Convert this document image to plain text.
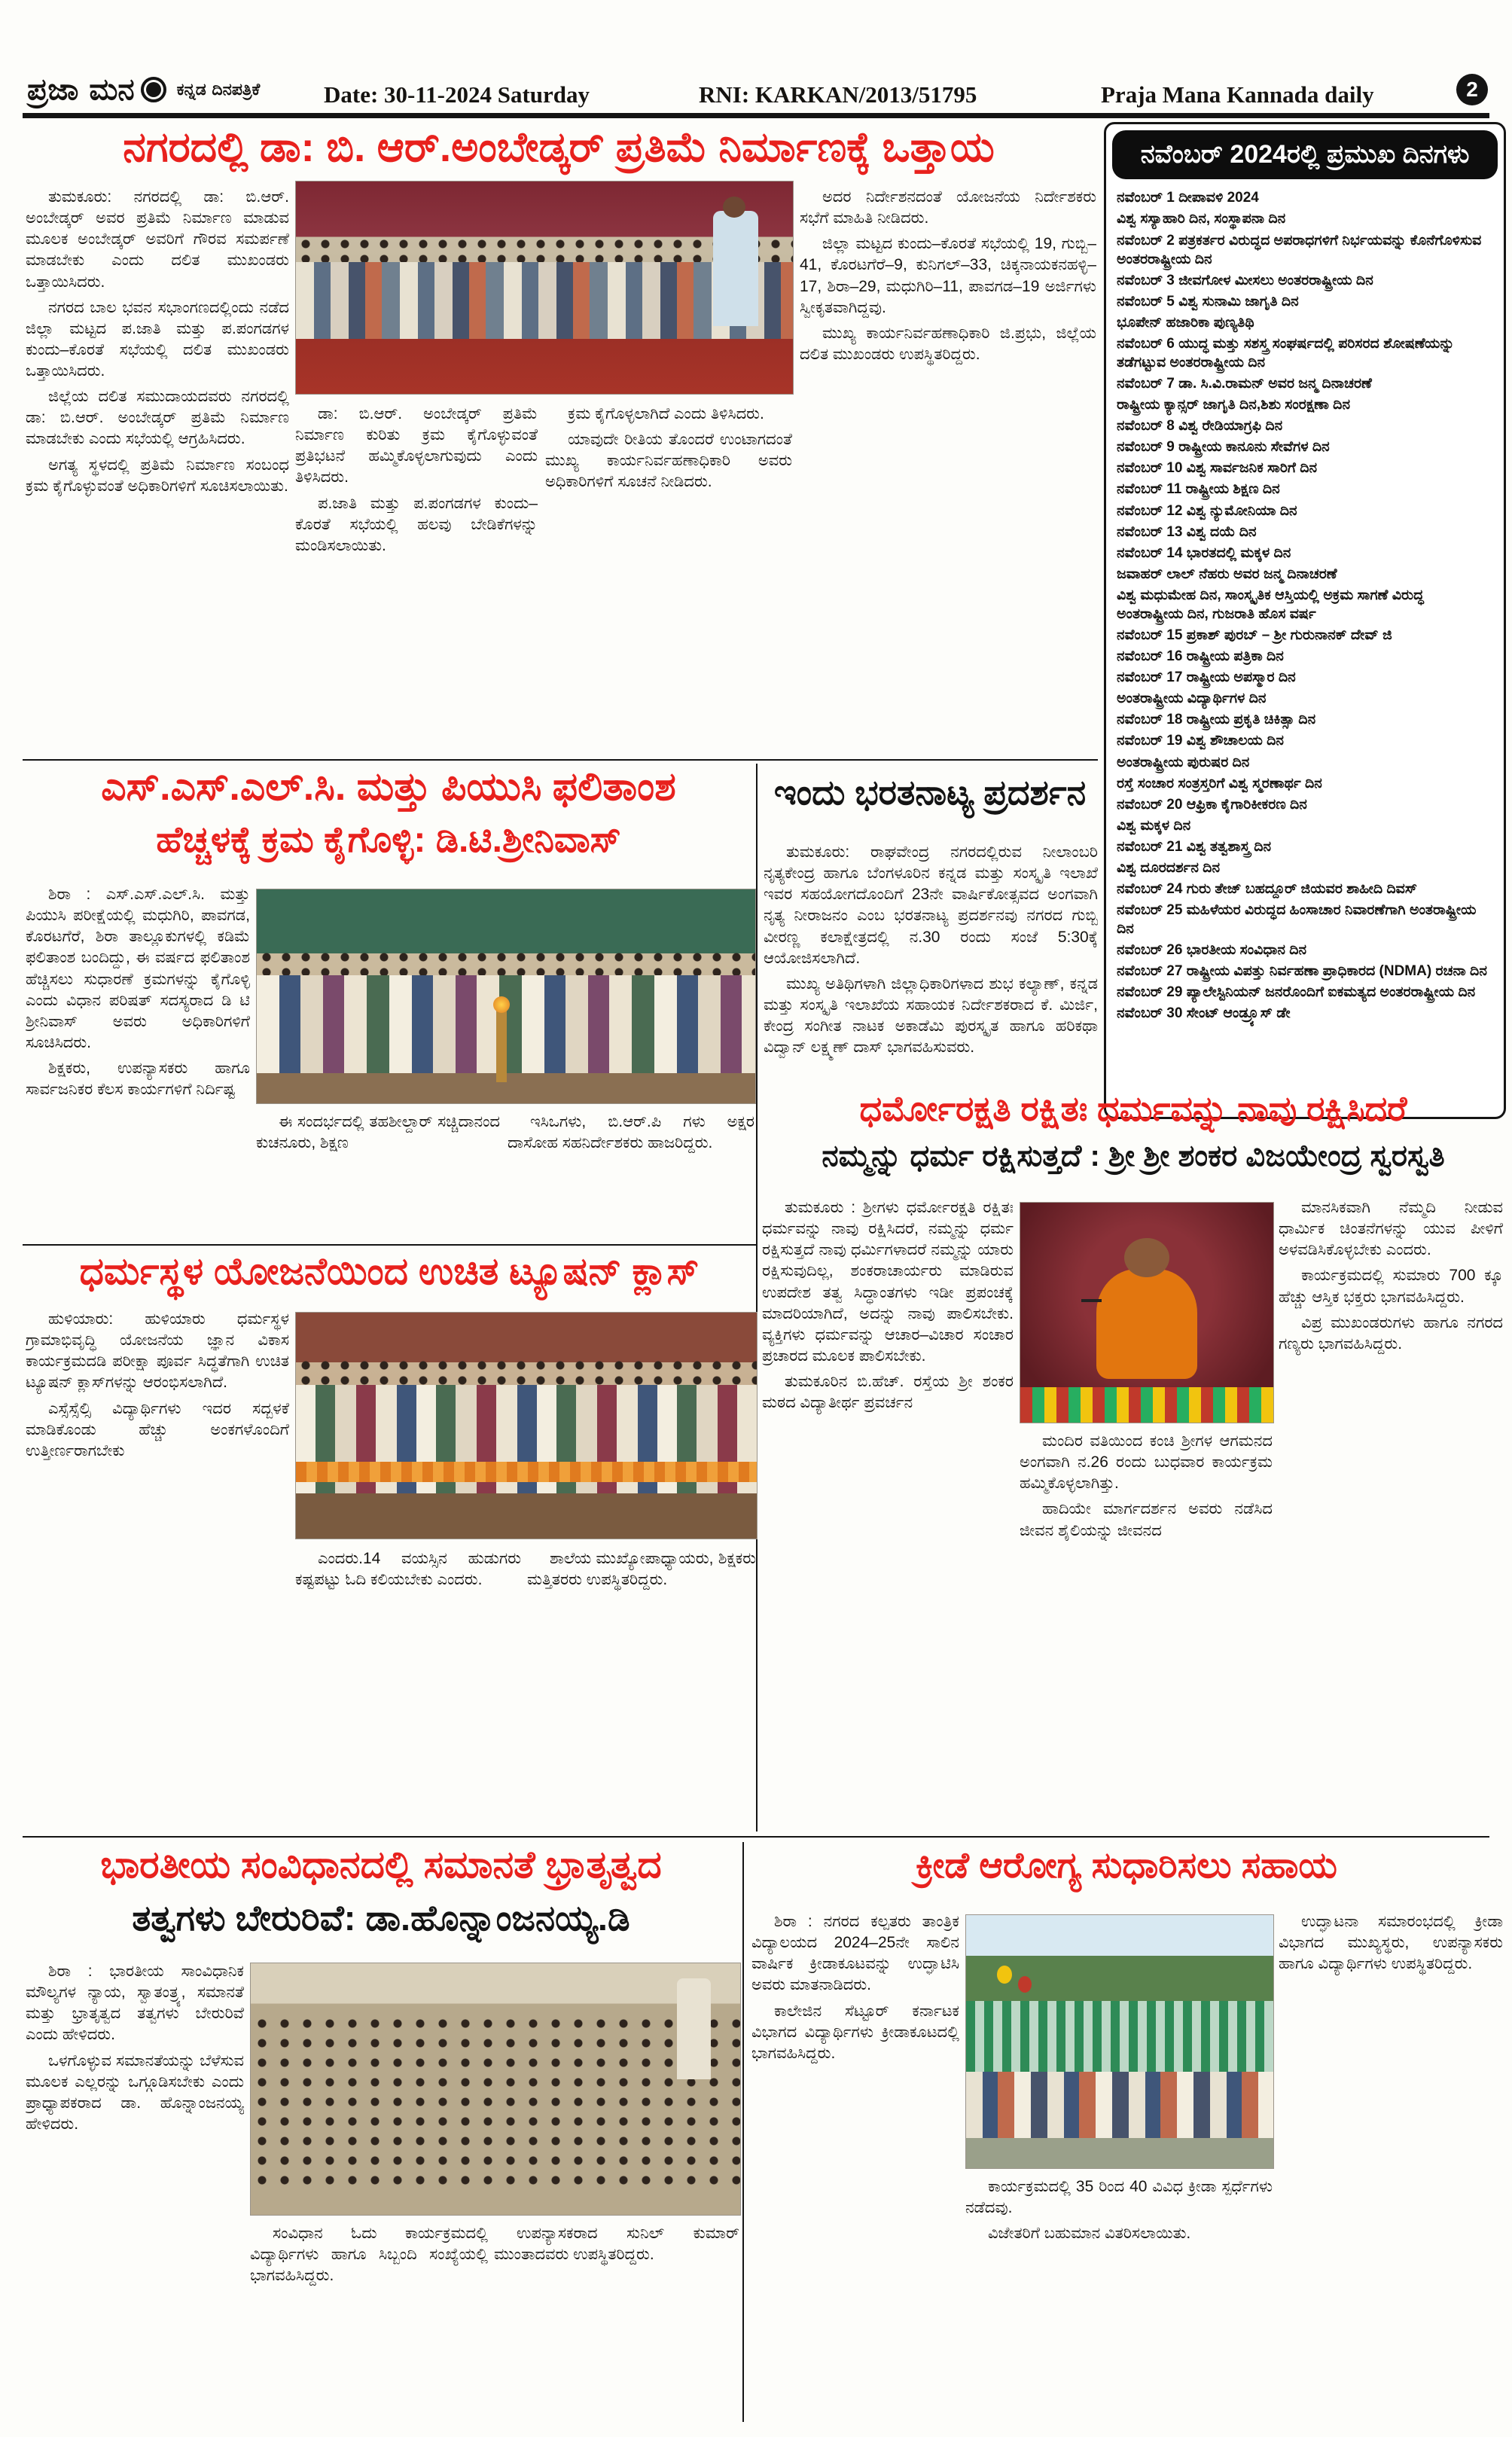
ಪ್ರಜಾ ಮನ	ಕನ್ನಡ ದಿನಪತ್ರಿಕೆ	Date: 30-11-2024 Saturday	RNI: KARKAN/2013/51795	Praja Mana Kannada daily	2
ನವೆಂಬರ್ 2024ರಲ್ಲಿ ಪ್ರಮುಖ ದಿನಗಳು
ನವೆಂಬರ್ 1 ದೀಪಾವಳಿ 2024
ವಿಶ್ವ ಸಸ್ಯಾಹಾರಿ ದಿನ, ಸಂಸ್ಥಾಪನಾ ದಿನ
ನವೆಂಬರ್ 2 ಪತ್ರಕರ್ತರ ವಿರುದ್ಧದ ಅಪರಾಧಗಳಿಗೆ ನಿರ್ಭಯವನ್ನು ಕೊನೆಗೊಳಿಸುವ ಅಂತರರಾಷ್ಟ್ರೀಯ ದಿನ
ನವೆಂಬರ್ 3 ಜೀವಗೋಳ ಮೀಸಲು ಅಂತರರಾಷ್ಟ್ರೀಯ ದಿನ
ನವೆಂಬರ್ 5 ವಿಶ್ವ ಸುನಾಮಿ ಜಾಗೃತಿ ದಿನ
ಭೂಪೇನ್ ಹಜಾರಿಕಾ ಪುಣ್ಯತಿಥಿ
ನವೆಂಬರ್ 6 ಯುದ್ಧ ಮತ್ತು ಸಶಸ್ತ್ರ ಸಂಘರ್ಷದಲ್ಲಿ ಪರಿಸರದ ಶೋಷಣೆಯನ್ನು ತಡೆಗಟ್ಟುವ ಅಂತರರಾಷ್ಟ್ರೀಯ ದಿನ
ನವೆಂಬರ್ 7 ಡಾ. ಸಿ.ವಿ.ರಾಮನ್ ಅವರ ಜನ್ಮ ದಿನಾಚರಣೆ
ರಾಷ್ಟ್ರೀಯ ಕ್ಯಾನ್ಸರ್ ಜಾಗೃತಿ ದಿನ,ಶಿಶು ಸಂರಕ್ಷಣಾ ದಿನ
ನವೆಂಬರ್ 8 ವಿಶ್ವ ರೇಡಿಯಾಗ್ರಫಿ ದಿನ
ನವೆಂಬರ್ 9 ರಾಷ್ಟ್ರೀಯ ಕಾನೂನು ಸೇವೆಗಳ ದಿನ
ನವೆಂಬರ್ 10 ವಿಶ್ವ ಸಾರ್ವಜನಿಕ ಸಾರಿಗೆ ದಿನ
ನವೆಂಬರ್ 11 ರಾಷ್ಟ್ರೀಯ ಶಿಕ್ಷಣ ದಿನ
ನವೆಂಬರ್ 12 ವಿಶ್ವ ನ್ಯುಮೋನಿಯಾ ದಿನ
ನವೆಂಬರ್ 13 ವಿಶ್ವ ದಯೆ ದಿನ
ನವೆಂಬರ್ 14 ಭಾರತದಲ್ಲಿ ಮಕ್ಕಳ ದಿನ
ಜವಾಹರ್ ಲಾಲ್ ನೆಹರು ಅವರ ಜನ್ಮ ದಿನಾಚರಣೆ
ವಿಶ್ವ ಮಧುಮೇಹ ದಿನ, ಸಾಂಸ್ಕೃತಿಕ ಆಸ್ತಿಯಲ್ಲಿ ಅಕ್ರಮ ಸಾಗಣೆ ವಿರುದ್ಧ ಅಂತರಾಷ್ಟ್ರೀಯ ದಿನ, ಗುಜರಾತಿ ಹೊಸ ವರ್ಷ
ನವೆಂಬರ್ 15 ಪ್ರಕಾಶ್ ಪುರಬ್ – ಶ್ರೀ ಗುರುನಾನಕ್ ದೇವ್ ಜಿ
ನವೆಂಬರ್ 16 ರಾಷ್ಟ್ರೀಯ ಪತ್ರಿಕಾ ದಿನ
ನವೆಂಬರ್ 17 ರಾಷ್ಟ್ರೀಯ ಅಪಸ್ಮಾರ ದಿನ
ಅಂತರಾಷ್ಟ್ರೀಯ ವಿದ್ಯಾರ್ಥಿಗಳ ದಿನ
ನವೆಂಬರ್ 18 ರಾಷ್ಟ್ರೀಯ ಪ್ರಕೃತಿ ಚಿಕಿತ್ಸಾ ದಿನ
ನವೆಂಬರ್ 19 ವಿಶ್ವ ಶೌಚಾಲಯ ದಿನ
ಅಂತರಾಷ್ಟ್ರೀಯ ಪುರುಷರ ದಿನ
ರಸ್ತೆ ಸಂಚಾರ ಸಂತ್ರಸ್ತರಿಗೆ ವಿಶ್ವ ಸ್ಮರಣಾರ್ಥ ದಿನ
ನವೆಂಬರ್ 20 ಆಫ್ರಿಕಾ ಕೈಗಾರಿಕೀಕರಣ ದಿನ
ವಿಶ್ವ ಮಕ್ಕಳ ದಿನ
ನವೆಂಬರ್ 21 ವಿಶ್ವ ತತ್ವಶಾಸ್ತ್ರ ದಿನ
ವಿಶ್ವ ದೂರದರ್ಶನ ದಿನ
ನವೆಂಬರ್ 24 ಗುರು ತೇಜ್ ಬಹದ್ದೂರ್ ಜಿಯವರ ಶಾಹೀದಿ ದಿವಸ್
ನವೆಂಬರ್ 25 ಮಹಿಳೆಯರ ವಿರುದ್ಧದ ಹಿಂಸಾಚಾರ ನಿವಾರಣೆಗಾಗಿ ಅಂತರಾಷ್ಟ್ರೀಯ ದಿನ
ನವೆಂಬರ್ 26 ಭಾರತೀಯ ಸಂವಿಧಾನ ದಿನ
ನವೆಂಬರ್ 27 ರಾಷ್ಟ್ರೀಯ ವಿಪತ್ತು ನಿರ್ವಹಣಾ ಪ್ರಾಧಿಕಾರದ (NDMA) ರಚನಾ ದಿನ
ನವೆಂಬರ್ 29 ಪ್ಯಾಲೇಸ್ಟಿನಿಯನ್ ಜನರೊಂದಿಗೆ ಐಕಮತ್ಯದ ಅಂತರರಾಷ್ಟ್ರೀಯ ದಿನ
ನವೆಂಬರ್ 30 ಸೇಂಟ್ ಆಂಡ್ರ್ಯೂಸ್ ಡೇ
ನಗರದಲ್ಲಿ ಡಾ: ಬಿ. ಆರ್.ಅಂಬೇಡ್ಕರ್ ಪ್ರತಿಮೆ ನಿರ್ಮಾಣಕ್ಕೆ ಒತ್ತಾಯ

ತುಮಕೂರು: ನಗರದಲ್ಲಿ ಡಾ: ಬಿ.ಆರ್. ಅಂಬೇಡ್ಕರ್ ಅವರ ಪ್ರತಿಮೆ ನಿರ್ಮಾಣ ಮಾಡುವ ಮೂಲಕ ಅಂಬೇಡ್ಕರ್ ಅವರಿಗೆ ಗೌರವ ಸಮರ್ಪಣೆ ಮಾಡಬೇಕು ಎಂದು ದಲಿತ ಮುಖಂಡರು ಒತ್ತಾಯಿಸಿದರು.

ನಗರದ ಬಾಲ ಭವನ ಸಭಾಂಗಣದಲ್ಲಿಂದು ನಡೆದ ಜಿಲ್ಲಾ ಮಟ್ಟದ ಪ.ಜಾತಿ ಮತ್ತು ಪ.ಪಂಗಡಗಳ ಕುಂದು–ಕೊರತೆ ಸಭೆಯಲ್ಲಿ ದಲಿತ ಮುಖಂಡರು ಒತ್ತಾಯಿಸಿದರು.

ಜಿಲ್ಲೆಯ ದಲಿತ ಸಮುದಾಯದವರು ನಗರದಲ್ಲಿ ಡಾ: ಬಿ.ಆರ್. ಅಂಬೇಡ್ಕರ್ ಪ್ರತಿಮೆ ನಿರ್ಮಾಣ ಮಾಡಬೇಕು ಎಂದು ಸಭೆಯಲ್ಲಿ ಆಗ್ರಹಿಸಿದರು.

ಅಗತ್ಯ ಸ್ಥಳದಲ್ಲಿ ಪ್ರತಿಮೆ ನಿರ್ಮಾಣ ಸಂಬಂಧ ಕ್ರಮ ಕೈಗೊಳ್ಳುವಂತೆ ಅಧಿಕಾರಿಗಳಿಗೆ ಸೂಚಿಸಲಾಯಿತು.

ಡಾ: ಬಿ.ಆರ್. ಅಂಬೇಡ್ಕರ್ ಪ್ರತಿಮೆ ನಿರ್ಮಾಣ ಕುರಿತು ಕ್ರಮ ಕೈಗೊಳ್ಳುವಂತೆ ಪ್ರತಿಭಟನೆ ಹಮ್ಮಿಕೊಳ್ಳಲಾಗುವುದು ಎಂದು ತಿಳಿಸಿದರು.

ಪ.ಜಾತಿ ಮತ್ತು ಪ.ಪಂಗಡಗಳ ಕುಂದು–ಕೊರತೆ ಸಭೆಯಲ್ಲಿ ಹಲವು ಬೇಡಿಕೆಗಳನ್ನು ಮಂಡಿಸಲಾಯಿತು.

ಕ್ರಮ ಕೈಗೊಳ್ಳಲಾಗಿದೆ ಎಂದು ತಿಳಿಸಿದರು.

ಯಾವುದೇ ರೀತಿಯ ತೊಂದರೆ ಉಂಟಾಗದಂತೆ ಮುಖ್ಯ ಕಾರ್ಯನಿರ್ವಹಣಾಧಿಕಾರಿ ಅವರು ಅಧಿಕಾರಿಗಳಿಗೆ ಸೂಚನೆ ನೀಡಿದರು.

ಅದರ ನಿರ್ದೇಶನದಂತೆ ಯೋಜನೆಯ ನಿರ್ದೇಶಕರು ಸಭೆಗೆ ಮಾಹಿತಿ ನೀಡಿದರು.

ಜಿಲ್ಲಾ ಮಟ್ಟದ ಕುಂದು–ಕೊರತೆ ಸಭೆಯಲ್ಲಿ 19, ಗುಬ್ಬಿ–41, ಕೊರಟಗೆರೆ–9, ಕುನಿಗಲ್–33, ಚಿಕ್ಕನಾಯಕನಹಳ್ಳಿ–17, ಶಿರಾ–29, ಮಧುಗಿರಿ–11, ಪಾವಗಡ–19 ಅರ್ಜಿಗಳು ಸ್ವೀಕೃತವಾಗಿದ್ದವು.

ಮುಖ್ಯ ಕಾರ್ಯನಿರ್ವಹಣಾಧಿಕಾರಿ ಜಿ.ಪ್ರಭು, ಜಿಲ್ಲೆಯ ದಲಿತ ಮುಖಂಡರು ಉಪಸ್ಥಿತರಿದ್ದರು.

ಎಸ್.ಎಸ್.ಎಲ್.ಸಿ. ಮತ್ತು ಪಿಯುಸಿ ಫಲಿತಾಂಶ
ಹೆಚ್ಚಳಕ್ಕೆ ಕ್ರಮ ಕೈಗೊಳ್ಳಿ: ಡಿ.ಟಿ.ಶ್ರೀನಿವಾಸ್

ಶಿರಾ : ಎಸ್.ಎಸ್.ಎಲ್.ಸಿ. ಮತ್ತು ಪಿಯುಸಿ ಪರೀಕ್ಷೆಯಲ್ಲಿ ಮಧುಗಿರಿ, ಪಾವಗಡ, ಕೊರಟಗೆರೆ, ಶಿರಾ ತಾಲ್ಲೂಕುಗಳಲ್ಲಿ ಕಡಿಮೆ ಫಲಿತಾಂಶ ಬಂದಿದ್ದು, ಈ ವರ್ಷದ ಫಲಿತಾಂಶ ಹೆಚ್ಚಿಸಲು ಸುಧಾರಣೆ ಕ್ರಮಗಳನ್ನು ಕೈಗೊಳ್ಳಿ ಎಂದು ವಿಧಾನ ಪರಿಷತ್ ಸದಸ್ಯರಾದ ಡಿ ಟಿ ಶ್ರೀನಿವಾಸ್ ಅವರು ಅಧಿಕಾರಿಗಳಿಗೆ ಸೂಚಿಸಿದರು.

ಶಿಕ್ಷಕರು, ಉಪನ್ಯಾಸಕರು ಹಾಗೂ ಸಾರ್ವಜನಿಕರ ಕೆಲಸ ಕಾರ್ಯಗಳಿಗೆ ನಿರ್ದಿಷ್ಟ

ಈ ಸಂದರ್ಭದಲ್ಲಿ ತಹಶೀಲ್ದಾರ್ ಸಚ್ಚಿದಾನಂದ ಕುಚನೂರು, ಶಿಕ್ಷಣ

ಇಸಿಒಗಳು, ಬಿ.ಆರ್.ಪಿ ಗಳು ಅಕ್ಷರ ದಾಸೋಹ ಸಹನಿರ್ದೇಶಕರು ಹಾಜರಿದ್ದರು.

ಇಂದು ಭರತನಾಟ್ಯ ಪ್ರದರ್ಶನ

ತುಮಕೂರು: ರಾಘವೇಂದ್ರ ನಗರದಲ್ಲಿರುವ ನೀಲಾಂಬರಿ ನೃತ್ಯಕೇಂದ್ರ ಹಾಗೂ ಬೆಂಗಳೂರಿನ ಕನ್ನಡ ಮತ್ತು ಸಂಸ್ಕೃತಿ ಇಲಾಖೆ ಇವರ ಸಹಯೋಗದೊಂದಿಗೆ 23ನೇ ವಾರ್ಷಿಕೋತ್ಸವದ ಅಂಗವಾಗಿ ನೃತ್ಯ ನೀರಾಜನಂ ಎಂಬ ಭರತನಾಟ್ಯ ಪ್ರದರ್ಶನವು ನಗರದ ಗುಬ್ಬಿ ವೀರಣ್ಣ ಕಲಾಕ್ಷೇತ್ರದಲ್ಲಿ ನ.30 ರಂದು ಸಂಜೆ 5:30ಕ್ಕೆ ಆಯೋಜಿಸಲಾಗಿದೆ.

ಮುಖ್ಯ ಅತಿಥಿಗಳಾಗಿ ಜಿಲ್ಲಾಧಿಕಾರಿಗಳಾದ ಶುಭ ಕಲ್ಯಾಣ್, ಕನ್ನಡ ಮತ್ತು ಸಂಸ್ಕೃತಿ ಇಲಾಖೆಯ ಸಹಾಯಕ ನಿರ್ದೇಶಕರಾದ ಕೆ. ಮಿರ್ಜಿ, ಕೇಂದ್ರ ಸಂಗೀತ ನಾಟಕ ಅಕಾಡೆಮಿ ಪುರಸ್ಕೃತ ಹಾಗೂ ಹರಿಕಥಾ ವಿದ್ವಾನ್ ಲಕ್ಷ್ಮಣ್ ದಾಸ್ ಭಾಗವಹಿಸುವರು.

ಧರ್ಮೋರಕ್ಷತಿ ರಕ್ಷಿತಃ ಧರ್ಮವನ್ನು ನಾವು ರಕ್ಷಿಸಿದರೆ
ನಮ್ಮನ್ನು ಧರ್ಮ ರಕ್ಷಿಸುತ್ತದೆ : ಶ್ರೀ ಶ್ರೀ ಶಂಕರ ವಿಜಯೇಂದ್ರ ಸ್ವರಸ್ವತಿ

ತುಮಕೂರು : ಶ್ರೀಗಳು ಧರ್ಮೋರಕ್ಷತಿ ರಕ್ಷಿತಃ ಧರ್ಮವನ್ನು ನಾವು ರಕ್ಷಿಸಿದರೆ, ನಮ್ಮನ್ನು ಧರ್ಮ ರಕ್ಷಿಸುತ್ತದೆ ನಾವು ಧರ್ಮಿಗಳಾದರೆ ನಮ್ಮನ್ನು ಯಾರು ರಕ್ಷಿಸುವುದಿಲ್ಲ, ಶಂಕರಾಚಾರ್ಯರು ಮಾಡಿರುವ ಉಪದೇಶ ತತ್ವ ಸಿದ್ಧಾಂತಗಳು ಇಡೀ ಪ್ರಪಂಚಕ್ಕೆ ಮಾದರಿಯಾಗಿದೆ, ಅದನ್ನು ನಾವು ಪಾಲಿಸಬೇಕು. ವ್ಯಕ್ತಿಗಳು ಧರ್ಮವನ್ನು ಆಚಾರ–ವಿಚಾರ ಸಂಚಾರ ಪ್ರಚಾರದ ಮೂಲಕ ಪಾಲಿಸಬೇಕು.

ತುಮಕೂರಿನ ಬಿ.ಹೆಚ್. ರಸ್ತೆಯ ಶ್ರೀ ಶಂಕರ ಮಠದ ವಿದ್ಯಾತೀರ್ಥ ಪ್ರವರ್ಚನ

ಮಂದಿರ ವತಿಯಿಂದ ಕಂಚಿ ಶ್ರೀಗಳ ಆಗಮನದ ಅಂಗವಾಗಿ ನ.26 ರಂದು ಬುಧವಾರ ಕಾರ್ಯಕ್ರಮ ಹಮ್ಮಿಕೊಳ್ಳಲಾಗಿತ್ತು.

ಹಾದಿಯೇ ಮಾರ್ಗದರ್ಶನ ಅವರು ನಡೆಸಿದ ಜೀವನ ಶೈಲಿಯನ್ನು ಜೀವನದ

ಮಾನಸಿಕವಾಗಿ ನೆಮ್ಮದಿ ನೀಡುವ ಧಾರ್ಮಿಕ ಚಿಂತನೆಗಳನ್ನು ಯುವ ಪೀಳಿಗೆ ಅಳವಡಿಸಿಕೊಳ್ಳಬೇಕು ಎಂದರು.

ಕಾರ್ಯಕ್ರಮದಲ್ಲಿ ಸುಮಾರು 700 ಕ್ಕೂ ಹೆಚ್ಚು ಆಸ್ತಿಕ ಭಕ್ತರು ಭಾಗವಹಿಸಿದ್ದರು.

ವಿಪ್ರ ಮುಖಂಡರುಗಳು ಹಾಗೂ ನಗರದ ಗಣ್ಯರು ಭಾಗವಹಿಸಿದ್ದರು.

ಧರ್ಮಸ್ಥಳ ಯೋಜನೆಯಿಂದ ಉಚಿತ ಟ್ಯೂಷನ್ ಕ್ಲಾಸ್

ಹುಳಿಯಾರು: ಹುಳಿಯಾರು ಧರ್ಮಸ್ಥಳ ಗ್ರಾಮಾಭಿವೃದ್ಧಿ ಯೋಜನೆಯ ಜ್ಞಾನ ವಿಕಾಸ ಕಾರ್ಯಕ್ರಮದಡಿ ಪರೀಕ್ಷಾ ಪೂರ್ವ ಸಿದ್ಧತೆಗಾಗಿ ಉಚಿತ ಟ್ಯೂಷನ್ ಕ್ಲಾಸ್‌ಗಳನ್ನು ಆರಂಭಿಸಲಾಗಿದೆ.

ಎಸ್ಸೆಸ್ಸೆಲ್ಸಿ ವಿದ್ಯಾರ್ಥಿಗಳು ಇದರ ಸದ್ಬಳಕೆ ಮಾಡಿಕೊಂಡು ಹೆಚ್ಚು ಅಂಕಗಳೊಂದಿಗೆ ಉತ್ತೀರ್ಣರಾಗಬೇಕು

ಎಂದರು.14 ವಯಸ್ಸಿನ ಹುಡುಗರು ಕಷ್ಟಪಟ್ಟು ಓದಿ ಕಲಿಯಬೇಕು ಎಂದರು.

ಶಾಲೆಯ ಮುಖ್ಯೋಪಾಧ್ಯಾಯರು, ಶಿಕ್ಷಕರು ಮತ್ತಿತರರು ಉಪಸ್ಥಿತರಿದ್ದರು.

ಭಾರತೀಯ ಸಂವಿಧಾನದಲ್ಲಿ ಸಮಾನತೆ ಭ್ರಾತೃತ್ವದ
ತತ್ವಗಳು ಬೇರುರಿವೆ: ಡಾ.ಹೊನ್ನಾಂಜನಯ್ಯ.ಡಿ

ಶಿರಾ : ಭಾರತೀಯ ಸಾಂವಿಧಾನಿಕ ಮೌಲ್ಯಗಳ ನ್ಯಾಯ, ಸ್ವಾತಂತ್ರ್ಯ, ಸಮಾನತೆ ಮತ್ತು ಭ್ರಾತೃತ್ವದ ತತ್ವಗಳು ಬೇರುರಿವೆ ಎಂದು ಹೇಳಿದರು.

ಒಳಗೊಳ್ಳುವ ಸಮಾನತೆಯನ್ನು ಬೆಳೆಸುವ ಮೂಲಕ ಎಲ್ಲರನ್ನು ಒಗ್ಗೂಡಿಸಬೇಕು ಎಂದು ಪ್ರಾಧ್ಯಾಪಕರಾದ ಡಾ. ಹೊನ್ನಾಂಜನಯ್ಯ ಹೇಳಿದರು.

ಸಂವಿಧಾನ ಓದು ಕಾರ್ಯಕ್ರಮದಲ್ಲಿ ವಿದ್ಯಾರ್ಥಿಗಳು ಹಾಗೂ ಸಿಬ್ಬಂದಿ ಸಂಖ್ಯೆಯಲ್ಲಿ ಭಾಗವಹಿಸಿದ್ದರು.

ಉಪನ್ಯಾಸಕರಾದ ಸುನಿಲ್ ಕುಮಾರ್ ಮುಂತಾದವರು ಉಪಸ್ಥಿತರಿದ್ದರು.

ಕ್ರೀಡೆ ಆರೋಗ್ಯ ಸುಧಾರಿಸಲು ಸಹಾಯ

ಶಿರಾ : ನಗರದ ಕಲ್ಪತರು ತಾಂತ್ರಿಕ ವಿದ್ಯಾಲಯದ 2024–25ನೇ ಸಾಲಿನ ವಾರ್ಷಿಕ ಕ್ರೀಡಾಕೂಟವನ್ನು ಉದ್ಘಾಟಿಸಿ ಅವರು ಮಾತನಾಡಿದರು.

ಕಾಲೇಜಿನ ಸೆಟ್ಟೂರ್ ಕರ್ನಾಟಕ ವಿಭಾಗದ ವಿದ್ಯಾರ್ಥಿಗಳು ಕ್ರೀಡಾಕೂಟದಲ್ಲಿ ಭಾಗವಹಿಸಿದ್ದರು.

ಕಾರ್ಯಕ್ರಮದಲ್ಲಿ 35 ರಿಂದ 40 ವಿವಿಧ ಕ್ರೀಡಾ ಸ್ಪರ್ಧೆಗಳು ನಡೆದವು.

ವಿಜೇತರಿಗೆ ಬಹುಮಾನ ವಿತರಿಸಲಾಯಿತು.

ಉದ್ಘಾಟನಾ ಸಮಾರಂಭದಲ್ಲಿ ಕ್ರೀಡಾ ವಿಭಾಗದ ಮುಖ್ಯಸ್ಥರು, ಉಪನ್ಯಾಸಕರು ಹಾಗೂ ವಿದ್ಯಾರ್ಥಿಗಳು ಉಪಸ್ಥಿತರಿದ್ದರು.
